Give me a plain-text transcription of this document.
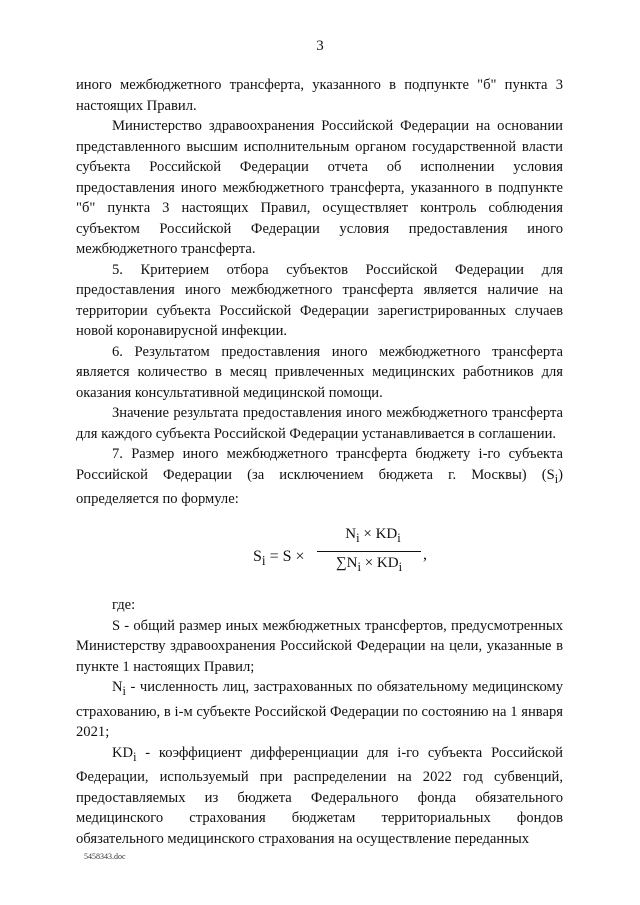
3

иного межбюджетного трансферта, указанного в подпункте "б" пункта 3 настоящих Правил.

Министерство здравоохранения Российской Федерации на основании представленного высшим исполнительным органом государственной власти субъекта Российской Федерации отчета об исполнении условия предоставления иного межбюджетного трансферта, указанного в подпункте "б" пункта 3 настоящих Правил, осуществляет контроль соблюдения субъектом Российской Федерации условия предоставления иного межбюджетного трансферта.

5. Критерием отбора субъектов Российской Федерации для предоставления иного межбюджетного трансферта является наличие на территории субъекта Российской Федерации зарегистрированных случаев новой коронавирусной инфекции.

6. Результатом предоставления иного межбюджетного трансферта является количество в месяц привлеченных медицинских работников для оказания консультативной медицинской помощи.

Значение результата предоставления иного межбюджетного трансферта для каждого субъекта Российской Федерации устанавливается в соглашении.

7. Размер иного межбюджетного трансферта бюджету i-го субъекта Российской Федерации (за исключением бюджета г. Москвы) $(S_i)$ определяется по формуле:

$S_i = S$ ×
$N_i \times KD_i$
$\sum N_i \times KD_i$
,

где:

S - общий размер иных межбюджетных трансфертов, предусмотренных Министерству здравоохранения Российской Федерации на цели, указанные в пункте 1 настоящих Правил;

$N_i$ - численность лиц, застрахованных по обязательному медицинскому страхованию, в i-м субъекте Российской Федерации по состоянию на 1 января 2021;

$KD_i$ - коэффициент дифференциации для i-го субъекта Российской Федерации, используемый при распределении на 2022 год субвенций, предоставляемых из бюджета Федерального фонда обязательного медицинского страхования бюджетам территориальных фондов обязательного медицинского страхования на осуществление переданных

5458343.doc
